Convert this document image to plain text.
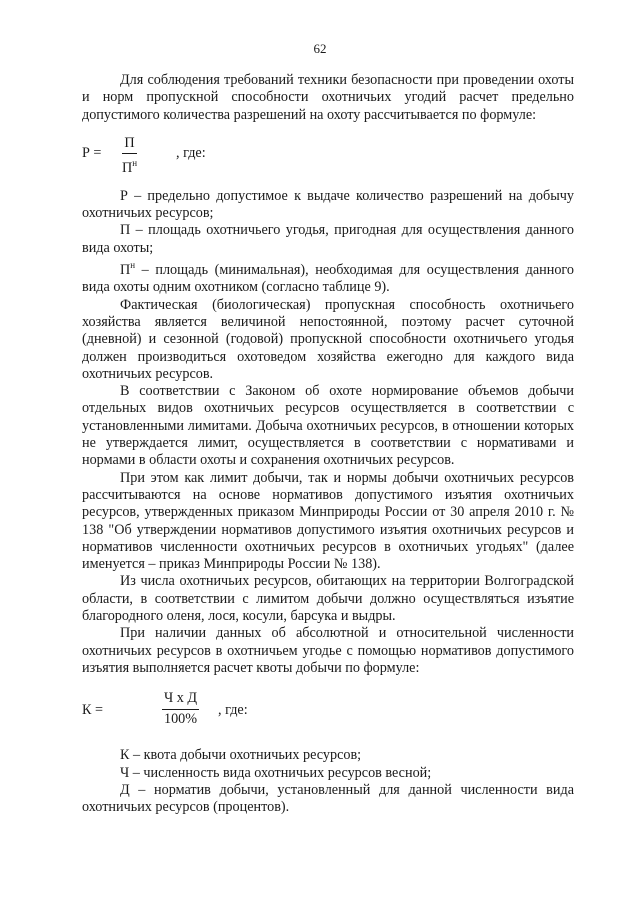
62

Для соблюдения требований техники безопасности при проведении охоты и норм пропускной способности охотничьих угодий расчет предельно допустимого количества разрешений на охоту рассчитывается по формуле:

Р =
П
$П^н$
, где:

Р – предельно допустимое к выдаче количество разрешений на добычу охотничьих ресурсов;

П – площадь охотничьего угодья, пригодная для осуществления данного вида охоты;

$П^н$ – площадь (минимальная), необходимая для осуществления данного вида охоты одним охотником (согласно таблице 9).

Фактическая (биологическая) пропускная способность охотничьего хозяйства является величиной непостоянной, поэтому расчет суточной (дневной) и сезонной (годовой) пропускной способности охотничьего угодья должен производиться охотоведом хозяйства ежегодно для каждого вида охотничьих ресурсов.

В соответствии с Законом об охоте нормирование объемов добычи отдельных видов охотничьих ресурсов осуществляется в соответствии с установленными лимитами. Добыча охотничьих ресурсов, в отношении которых не утверждается лимит, осуществляется в соответствии с нормативами и нормами в области охоты и сохранения охотничьих ресурсов.

При этом как лимит добычи, так и нормы добычи охотничьих ресурсов рассчитываются на основе нормативов допустимого изъятия охотничьих ресурсов, утвержденных приказом Минприроды России от 30 апреля 2010 г. № 138 "Об утверждении нормативов допустимого изъятия охотничьих ресурсов и нормативов численности охотничьих ресурсов в охотничьих угодьях" (далее именуется – приказ Минприроды России № 138).

Из числа охотничьих ресурсов, обитающих на территории Волгоградской области, в соответствии с лимитом добычи должно осуществляться изъятие благородного оленя, лося, косули, барсука и выдры.

При наличии данных об абсолютной и относительной численности охотничьих ресурсов в охотничьем угодье с помощью нормативов допустимого изъятия выполняется расчет квоты добычи по формуле:

К =
Ч х Д
100%
, где:

К – квота добычи охотничьих ресурсов;

Ч – численность вида охотничьих ресурсов весной;

Д – норматив добычи, установленный для данной численности вида охотничьих ресурсов (процентов).
